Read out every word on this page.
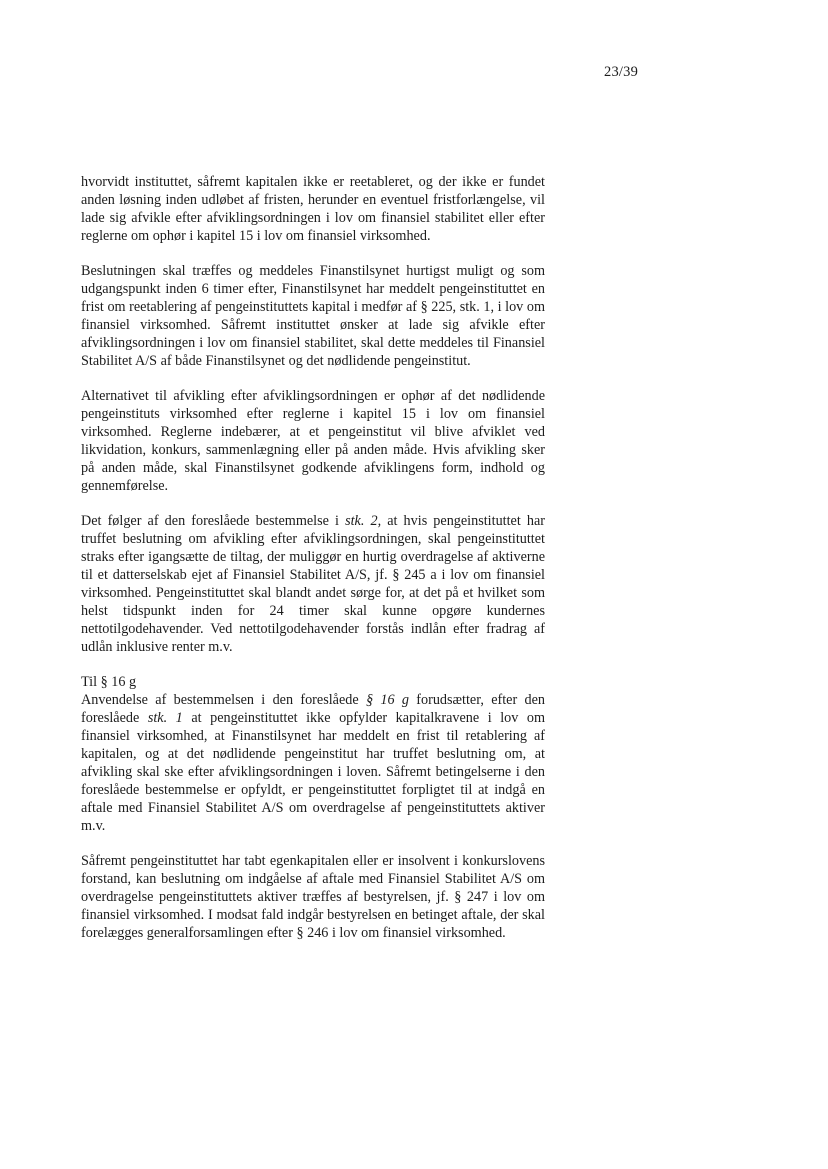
23/39

hvorvidt instituttet, såfremt kapitalen ikke er reetableret, og der ikke er fundet anden løsning inden udløbet af fristen, herunder en eventuel fristforlængelse, vil lade sig afvikle efter afviklingsordningen i lov om finansiel stabilitet eller efter reglerne om ophør i kapitel 15 i lov om finansiel virksomhed.

Beslutningen skal træffes og meddeles Finanstilsynet hurtigst muligt og som udgangspunkt inden 6 timer efter, Finanstilsynet har meddelt pengeinstituttet en frist om reetablering af pengeinstituttets kapital i medfør af § 225, stk. 1, i lov om finansiel virksomhed. Såfremt instituttet ønsker at lade sig afvikle efter afviklingsordningen i lov om finansiel stabilitet, skal dette meddeles til Finansiel Stabilitet A/S af både Finanstilsynet og det nødlidende pengeinstitut.

Alternativet til afvikling efter afviklingsordningen er ophør af det nødlidende pengeinstituts virksomhed efter reglerne i kapitel 15 i lov om finansiel virksomhed. Reglerne indebærer, at et pengeinstitut vil blive afviklet ved likvidation, konkurs, sammenlægning eller på anden måde. Hvis afvikling sker på anden måde, skal Finanstilsynet godkende afviklingens form, indhold og gennemførelse.

Det følger af den foreslåede bestemmelse i stk. 2, at hvis pengeinstituttet har truffet beslutning om afvikling efter afviklingsordningen, skal pengeinstituttet straks efter igangsætte de tiltag, der muliggør en hurtig overdragelse af aktiverne til et datterselskab ejet af Finansiel Stabilitet A/S, jf. § 245 a i lov om finansiel virksomhed. Pengeinstituttet skal blandt andet sørge for, at det på et hvilket som helst tidspunkt inden for 24 timer skal kunne opgøre kundernes nettotilgodehavender. Ved nettotilgodehavender forstås indlån efter fradrag af udlån inklusive renter m.v.

Til § 16 g

Anvendelse af bestemmelsen i den foreslåede § 16 g forudsætter, efter den foreslåede stk. 1 at pengeinstituttet ikke opfylder kapitalkravene i lov om finansiel virksomhed, at Finanstilsynet har meddelt en frist til retablering af kapitalen, og at det nødlidende pengeinstitut har truffet beslutning om, at afvikling skal ske efter afviklingsordningen i loven. Såfremt betingelserne i den foreslåede bestemmelse er opfyldt, er pengeinstituttet forpligtet til at indgå en aftale med Finansiel Stabilitet A/S om overdragelse af pengeinstituttets aktiver m.v.

Såfremt pengeinstituttet har tabt egenkapitalen eller er insolvent i konkurslovens forstand, kan beslutning om indgåelse af aftale med Finansiel Stabilitet A/S om overdragelse pengeinstituttets aktiver træffes af bestyrelsen, jf. § 247 i lov om finansiel virksomhed. I modsat fald indgår bestyrelsen en betinget aftale, der skal forelægges generalforsamlingen efter § 246 i lov om finansiel virksomhed.
